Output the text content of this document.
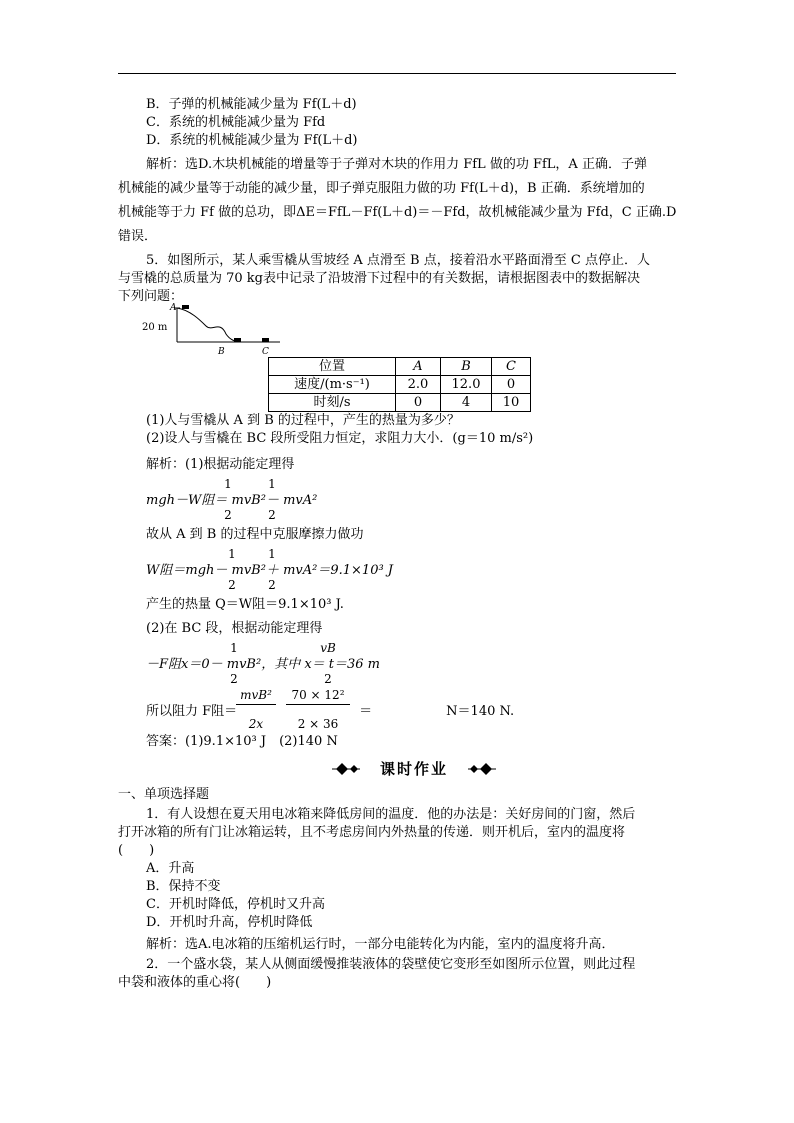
B．子弹的机械能减少量为 Ff(L＋d)
C．系统的机械能减少量为 Ffd
D．系统的机械能减少量为 Ff(L＋d)
解析：选D.木块机械能的增量等于子弹对木块的作用力 FfL 做的功 FfL，A 正确．子弹
机械能的减少量等于动能的减少量，即子弹克服阻力做的功 Ff(L＋d)，B 正确．系统增加的
机械能等于力 Ff 做的总功，即ΔE＝FfL－Ff(L＋d)＝－Ffd，故机械能减少量为 Ffd，C 正确.D
错误．
5．如图所示，某人乘雪橇从雪坡经 A 点滑至 B 点，接着沿水平路面滑至 C 点停止．人
与雪橇的总质量为 70 kg表中记录了沿坡滑下过程中的有关数据，请根据图表中的数据解决
下列问题：
20 m
A
B	C
位置	A	B	C
速度/(m·s⁻¹)	2.0	12.0	0
时刻/s	0	4	10
(1)人与雪橇从 A 到 B 的过程中，产生的热量为多少？
(2)设人与雪橇在 BC 段所受阻力恒定，求阻力大小．(g＝10 m/s²)
解析：(1)根据动能定理得
1	1
mgh－W阻＝ mvB²－ mvA²
2	2
故从 A 到 B 的过程中克服摩擦力做功
1	1
W阻＝mgh－ mvB²＋ mvA²＝9.1×10³ J
2	2
产生的热量 Q＝W阻＝9.1×10³ J.
(2)在 BC 段，根据动能定理得
1	vB
－F阻x＝0－ mvB²，其中 x＝ t＝36 m
2	2
mvB²	70 × 12²
所以阻力 F阻＝	＝	N＝140 N.
2x	2 × 36
答案：(1)9.1×10³ J　(2)140 N
课时作业
一、单项选择题
1．有人设想在夏天用电冰箱来降低房间的温度．他的办法是：关好房间的门窗，然后
打开冰箱的所有门让冰箱运转，且不考虑房间内外热量的传递．则开机后，室内的温度将
(　　)
A．升高
B．保持不变
C．开机时降低，停机时又升高
D．开机时升高，停机时降低
解析：选A.电冰箱的压缩机运行时，一部分电能转化为内能，室内的温度将升高．
2．一个盛水袋，某人从侧面缓慢推装液体的袋壁使它变形至如图所示位置，则此过程
中袋和液体的重心将(　　)
